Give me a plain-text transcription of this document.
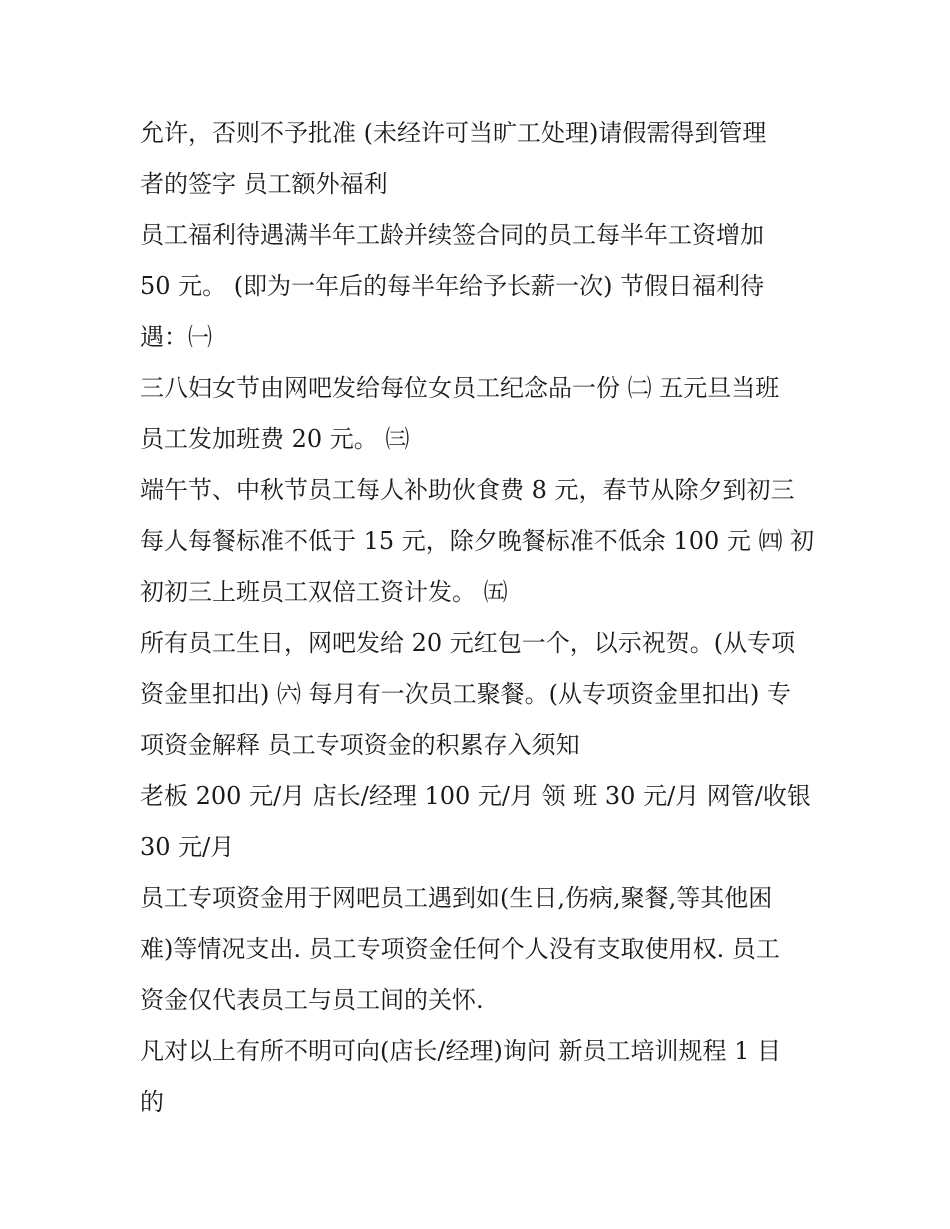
允许，否则不予批准 (未经许可当旷工处理)请假需得到管理
者的签字 员工额外福利
员工福利待遇满半年工龄并续签合同的员工每半年工资增加
50 元。 (即为一年后的每半年给予长薪一次) 节假日福利待
遇：㈠
三八妇女节由网吧发给每位女员工纪念品一份 ㈡ 五元旦当班
员工发加班费 20 元。 ㈢
端午节、中秋节员工每人补助伙食费 8 元，春节从除夕到初三
每人每餐标准不低于 15 元，除夕晚餐标准不低余 100 元 ㈣ 初
初初三上班员工双倍工资计发。 ㈤
所有员工生日，网吧发给 20 元红包一个，以示祝贺。(从专项
资金里扣出) ㈥ 每月有一次员工聚餐。(从专项资金里扣出) 专
项资金解释 员工专项资金的积累存入须知
老板 200 元/月 店长/经理 100 元/月 领 班 30 元/月 网管/收银
30 元/月
员工专项资金用于网吧员工遇到如(生日,伤病,聚餐,等其他困
难)等情况支出. 员工专项资金任何个人没有支取使用权. 员工
资金仅代表员工与员工间的关怀.
凡对以上有所不明可向(店长/经理)询问 新员工培训规程 1 目
的
